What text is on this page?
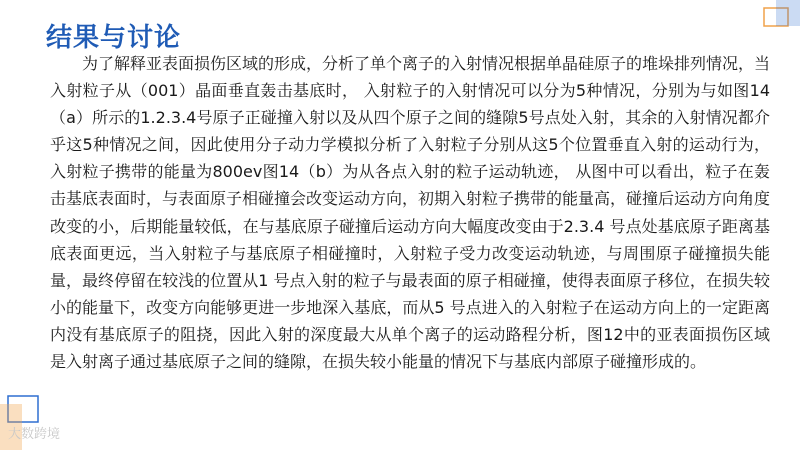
结果与讨论

为了解释亚表面损伤区域的形成，分析了单个离子的入射情况根据单晶硅原子的堆垛排列情况，当入射粒子从（001）晶面垂直轰击基底时， 入射粒子的入射情况可以分为5种情况，分别为与如图14（a）所示的1.2.3.4号原子正碰撞入射以及从四个原子之间的缝隙5号点处入射，其余的入射情况都介乎这5种情况之间，因此使用分子动力学模拟分析了入射粒子分别从这5个位置垂直入射的运动行为，入射粒子携带的能量为800ev图14（b）为从各点入射的粒子运动轨迹， 从图中可以看出，粒子在轰击基底表面时，与表面原子相碰撞会改变运动方向，初期入射粒子携带的能量高，碰撞后运动方向角度改变的小，后期能量较低，在与基底原子碰撞后运动方向大幅度改变由于2.3.4 号点处基底原子距离基底表面更远，当入射粒子与基底原子相碰撞时，入射粒子受力改变运动轨迹，与周围原子碰撞损失能量，最终停留在较浅的位置从1 号点入射的粒子与最表面的原子相碰撞，使得表面原子移位，在损失较小的能量下，改变方向能够更进一步地深入基底，而从5 号点进入的入射粒子在运动方向上的一定距离内没有基底原子的阻挠，因此入射的深度最大从单个离子的运动路程分析，图12中的亚表面损伤区域是入射离子通过基底原子之间的缝隙，在损失较小能量的情况下与基底内部原子碰撞形成的。

大数跨境
